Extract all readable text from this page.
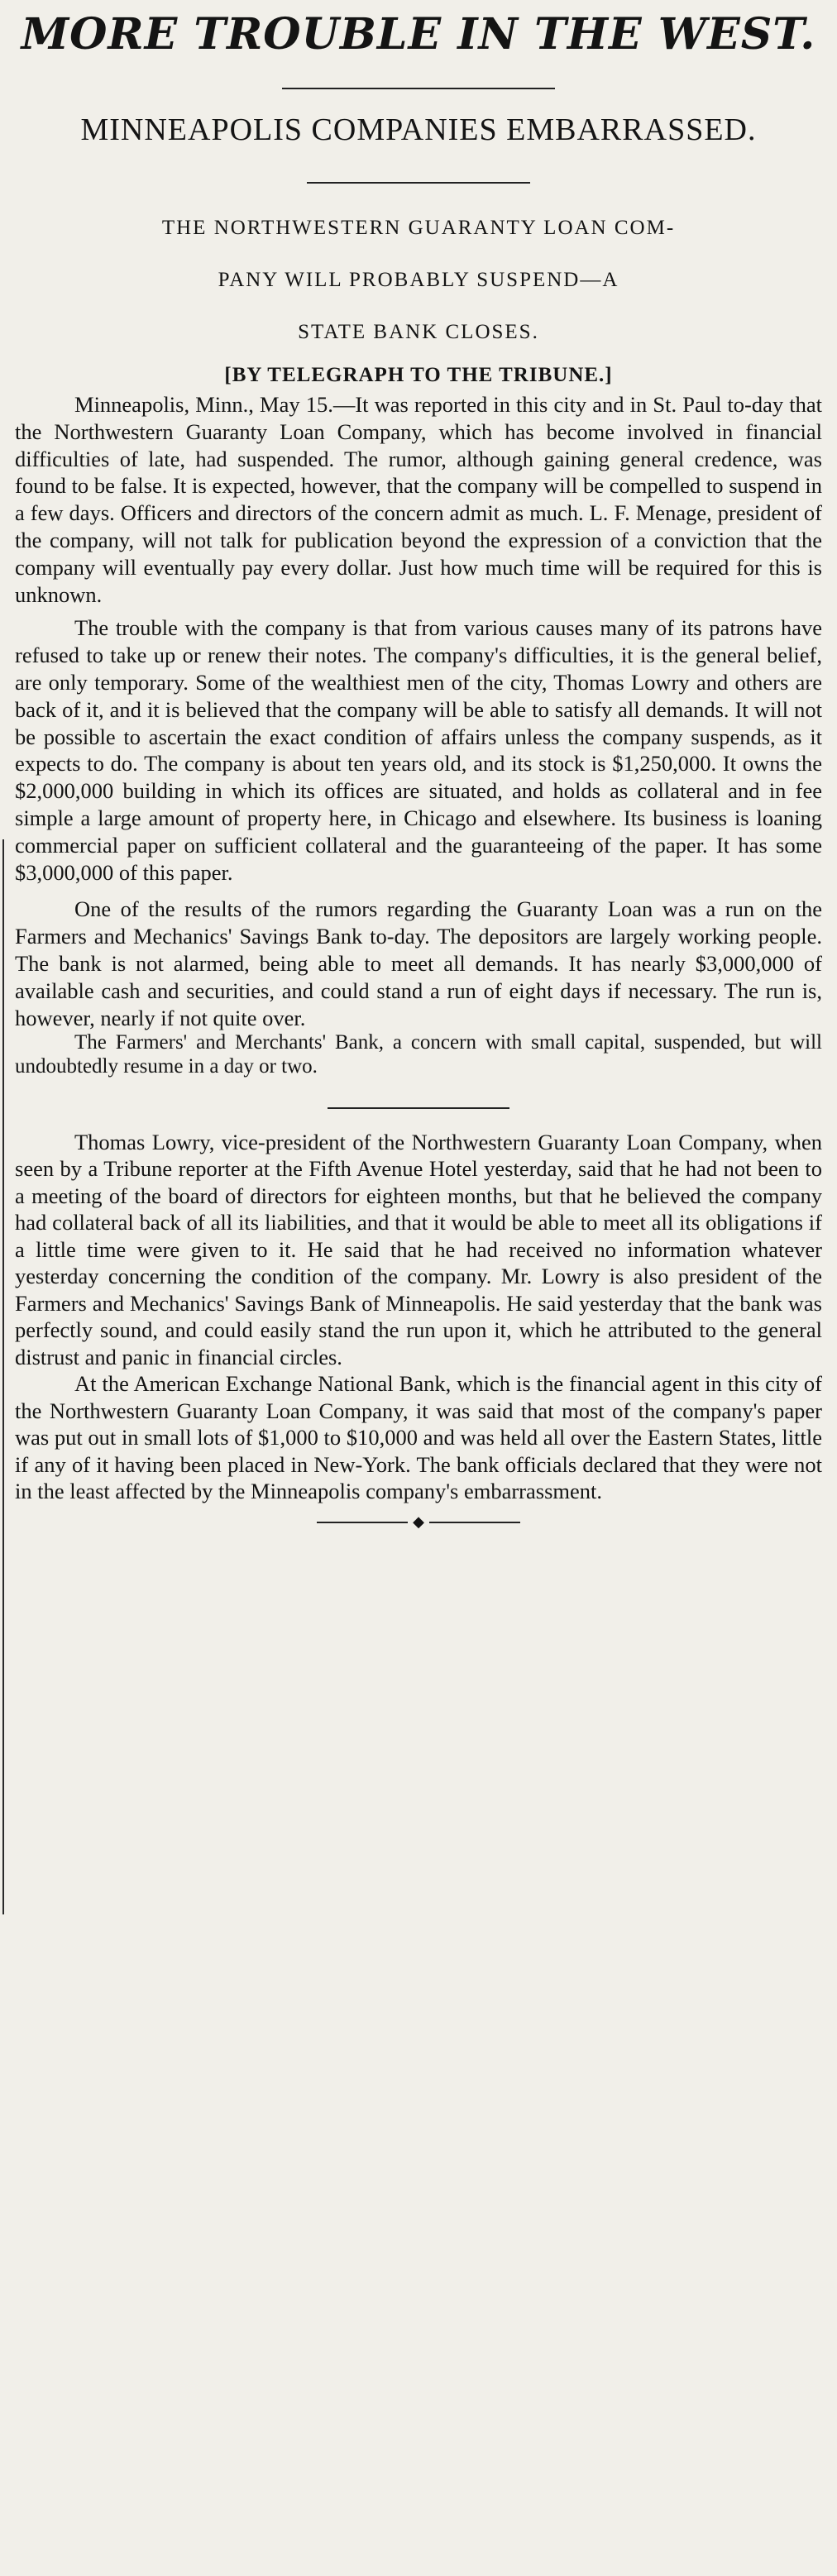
MORE TROUBLE IN THE WEST.
MINNEAPOLIS COMPANIES EMBARRASSED.
THE NORTHWESTERN GUARANTY LOAN COM-
PANY WILL PROBABLY SUSPEND—A
STATE BANK CLOSES.
[BY TELEGRAPH TO THE TRIBUNE.]

Minneapolis, Minn., May 15.—It was reported in this city and in St. Paul to-day that the Northwestern Guaranty Loan Company, which has become involved in financial difficulties of late, had suspended. The rumor, although gaining general credence, was found to be false. It is expected, however, that the company will be compelled to suspend in a few days. Officers and directors of the concern admit as much. L. F. Menage, president of the company, will not talk for publication beyond the expression of a conviction that the company will eventually pay every dollar. Just how much time will be required for this is unknown.

The trouble with the company is that from various causes many of its patrons have refused to take up or renew their notes. The company's difficulties, it is the general belief, are only temporary. Some of the wealthiest men of the city, Thomas Lowry and others are back of it, and it is believed that the company will be able to satisfy all demands. It will not be possible to ascertain the exact condition of affairs unless the company suspends, as it expects to do. The company is about ten years old, and its stock is $1,250,000. It owns the $2,000,000 building in which its offices are situated, and holds as collateral and in fee simple a large amount of property here, in Chicago and elsewhere. Its business is loaning commercial paper on sufficient collateral and the guaranteeing of the paper. It has some $3,000,000 of this paper.

One of the results of the rumors regarding the Guaranty Loan was a run on the Farmers and Mechanics' Savings Bank to-day. The depositors are largely working people. The bank is not alarmed, being able to meet all demands. It has nearly $3,000,000 of available cash and securities, and could stand a run of eight days if necessary. The run is, however, nearly if not quite over.

The Farmers' and Merchants' Bank, a concern with small capital, suspended, but will undoubtedly resume in a day or two.

Thomas Lowry, vice-president of the Northwestern Guaranty Loan Company, when seen by a Tribune reporter at the Fifth Avenue Hotel yesterday, said that he had not been to a meeting of the board of directors for eighteen months, but that he believed the company had collateral back of all its liabilities, and that it would be able to meet all its obligations if a little time were given to it. He said that he had received no information whatever yesterday concerning the condition of the company. Mr. Lowry is also president of the Farmers and Mechanics' Savings Bank of Minneapolis. He said yesterday that the bank was perfectly sound, and could easily stand the run upon it, which he attributed to the general distrust and panic in financial circles.

At the American Exchange National Bank, which is the financial agent in this city of the Northwestern Guaranty Loan Company, it was said that most of the company's paper was put out in small lots of $1,000 to $10,000 and was held all over the Eastern States, little if any of it having been placed in New-York. The bank officials declared that they were not in the least affected by the Minneapolis company's embarrassment.

◆
